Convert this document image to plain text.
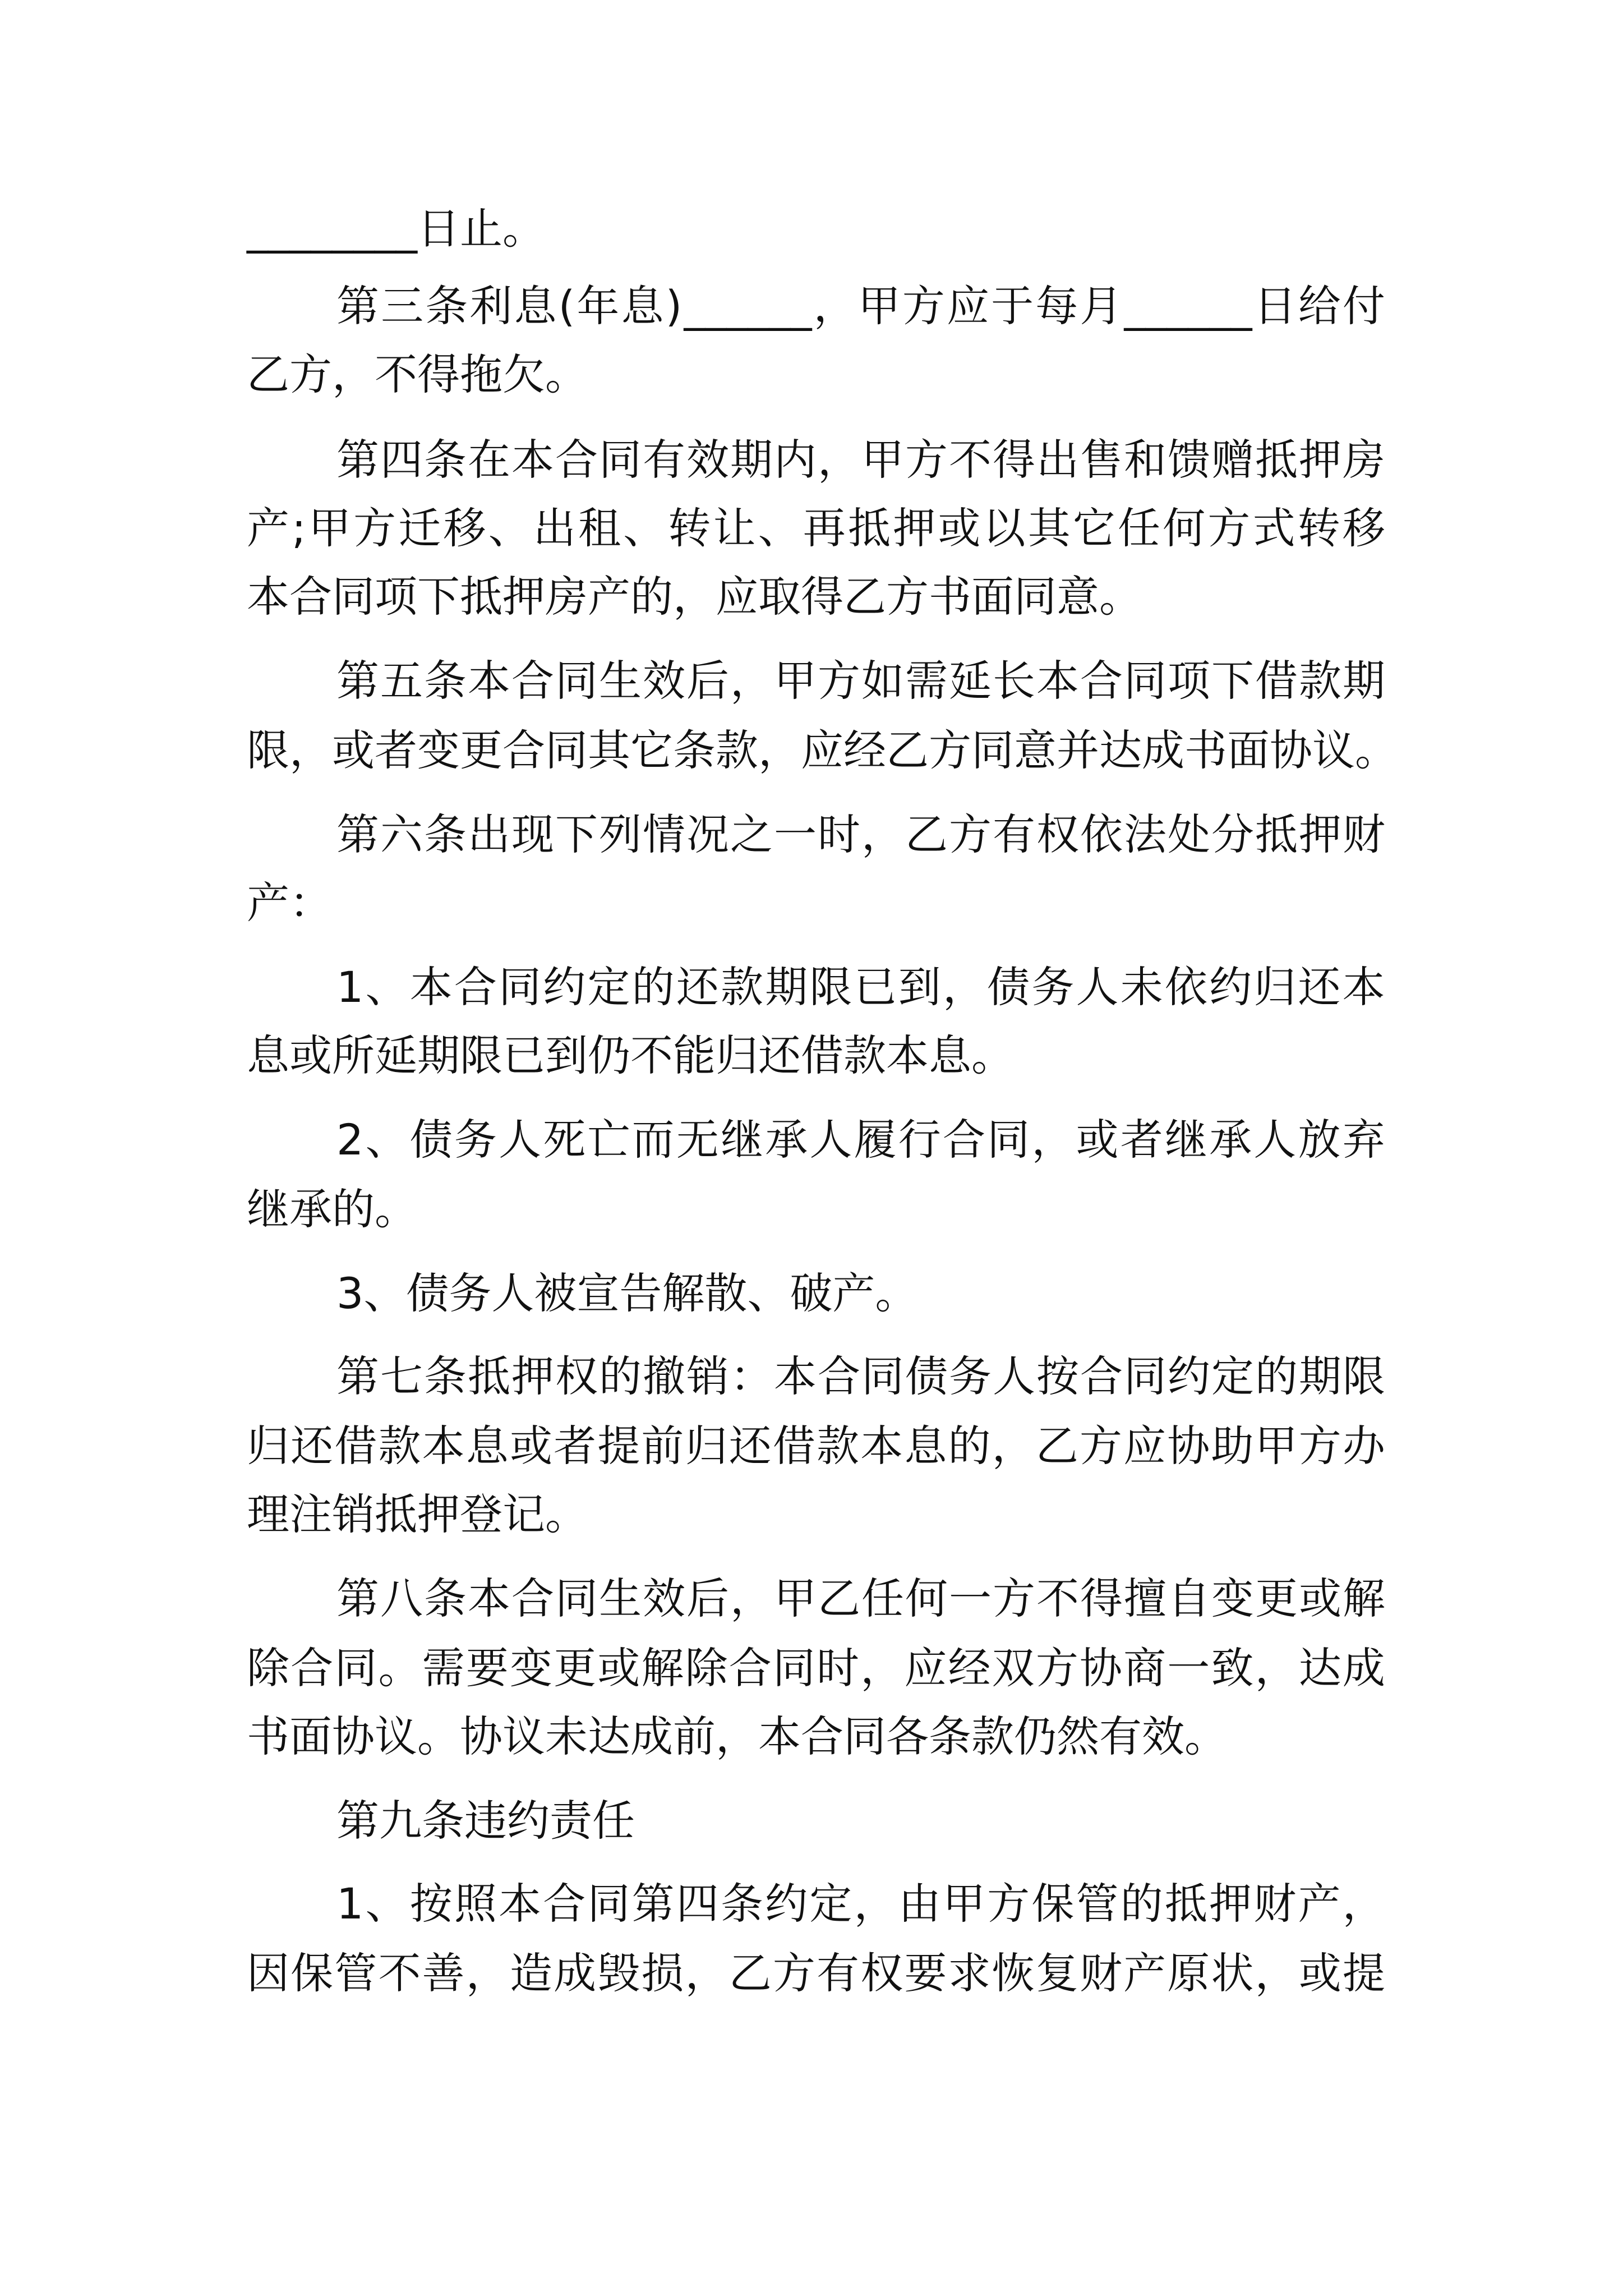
________日止。
第 三 条 利 息 ( 年 息 ) ______ ， 甲 方 应 于 每 月 ______ 日 给 付
乙方，不得拖欠。
第 四 条 在 本 合 同 有 效 期 内 ， 甲 方 不 得 出 售 和 馈 赠 抵 押 房
产 ; 甲 方 迁 移 、 出 租 、 转 让 、 再 抵 押 或 以 其 它 任 何 方 式 转 移
本合同项下抵押房产的，应取得乙方书面同意。
第 五 条 本 合 同 生 效 后 ， 甲 方 如 需 延 长 本 合 同 项 下 借 款 期
限 ， 或 者 变 更 合 同 其 它 条 款 ， 应 经 乙 方 同 意 并 达 成 书 面 协 议 。
第 六 条 出 现 下 列 情 况 之 一 时 ， 乙 方 有 权 依 法 处 分 抵 押 财
产：
1 、 本 合 同 约 定 的 还 款 期 限 已 到 ， 债 务 人 未 依 约 归 还 本
息或所延期限已到仍不能归还借款本息。
2 、 债 务 人 死 亡 而 无 继 承 人 履 行 合 同 ， 或 者 继 承 人 放 弃
继承的。
3、债务人被宣告解散、破产。
第 七 条 抵 押 权 的 撤 销 ： 本 合 同 债 务 人 按 合 同 约 定 的 期 限
归 还 借 款 本 息 或 者 提 前 归 还 借 款 本 息 的 ， 乙 方 应 协 助 甲 方 办
理注销抵押登记。
第 八 条 本 合 同 生 效 后 ， 甲 乙 任 何 一 方 不 得 擅 自 变 更 或 解
除 合 同 。 需 要 变 更 或 解 除 合 同 时 ， 应 经 双 方 协 商 一 致 ， 达 成
书面协议。协议未达成前，本合同各条款仍然有效。
第九条违约责任
1 、 按 照 本 合 同 第 四 条 约 定 ， 由 甲 方 保 管 的 抵 押 财 产 ，
因 保 管 不 善 ， 造 成 毁 损 ， 乙 方 有 权 要 求 恢 复 财 产 原 状 ， 或 提
